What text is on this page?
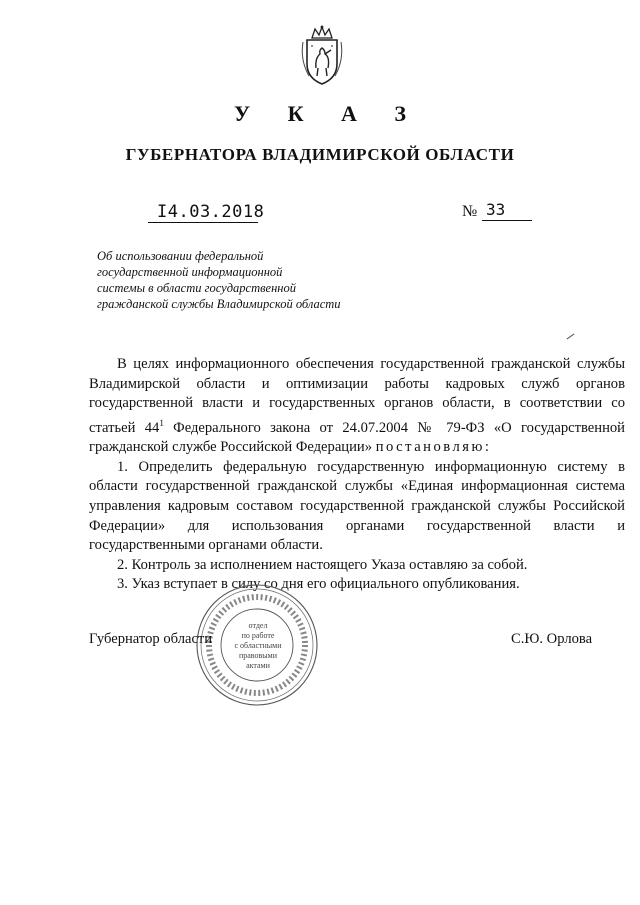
У К А З
ГУБЕРНАТОРА ВЛАДИМИРСКОЙ ОБЛАСТИ
I4.03.2018	№ 33
Об использовании федеральной
государственной информационной
системы в области государственной
гражданской службы Владимирской области

В целях информационного обеспечения государственной гражданской службы Владимирской области и оптимизации работы кадровых служб органов государственной власти и государственных органов области, в соответствии со статьей $44^1$ Федерального закона от 24.07.2004 № 79-ФЗ «О государственной гражданской службе Российской Федерации» постановляю:

1. Определить федеральную государственную информационную систему в области государственной гражданской службы «Единая информационная система управления кадровым составом государственной гражданской службы Российской Федерации» для использования органами государственной власти и государственными органами области.

2. Контроль за исполнением настоящего Указа оставляю за собой.

3. Указ вступает в силу со дня его официального опубликования.

отдел
по работе
с областными
правовыми
актами
Губернатор области	С.Ю. Орлова
